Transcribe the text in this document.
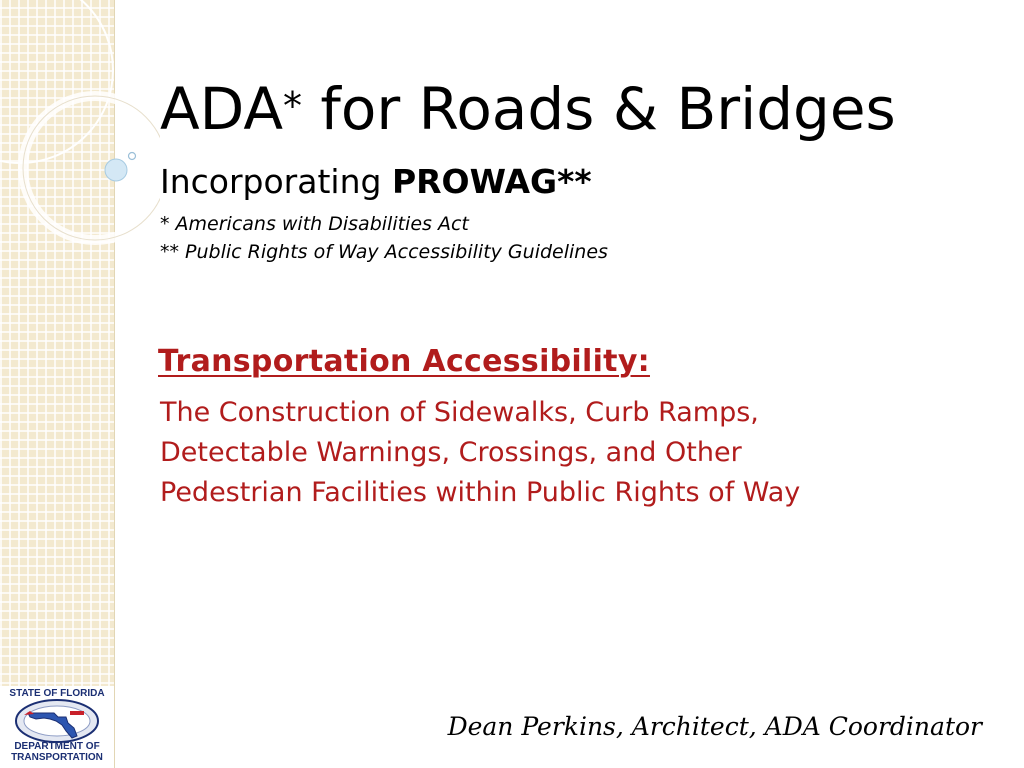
ADA* for Roads & Bridges
Incorporating PROWAG**
* Americans with Disabilities Act
** Public Rights of Way Accessibility Guidelines
Transportation Accessibility:
The Construction of Sidewalks, Curb Ramps,
Detectable Warnings, Crossings, and Other
Pedestrian Facilities within Public Rights of Way
Dean Perkins, Architect, ADA Coordinator
STATE OF FLORIDA
DEPARTMENT OF
TRANSPORTATION
